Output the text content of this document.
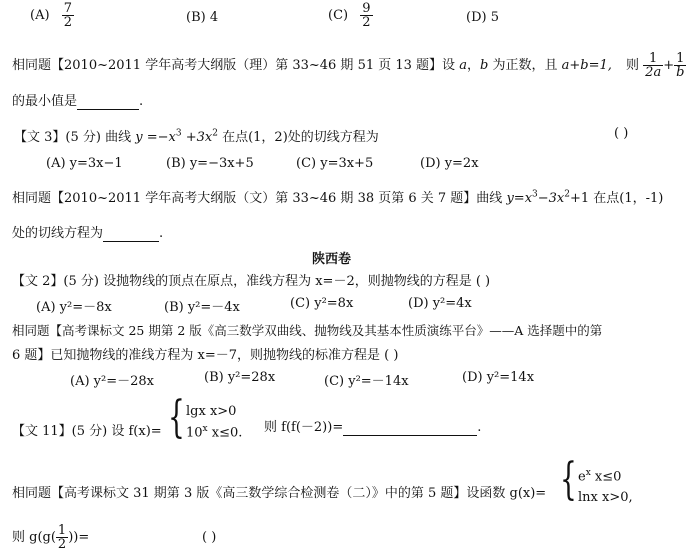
$(A) \frac{7}{2}$	(B) 4	$(C) \frac{9}{2}$	(D) 5
相同题【2010~2011 学年高考大纲版（理）第 33~46 期 51 页 13 题】设 a，b 为正数，且 a+b=1, 则 $\frac{1}{2a} + \frac{1}{b}$
的最小值是	.
【文 3】(5 分) 曲线 $y =-x^3 +3x^2$ 在点(1，2)处的切线方程为	( )
(A) y=3x−1	(B) y=−3x+5	(C) y=3x+5	(D) y=2x
相同题【2010~2011 学年高考大纲版（文）第 33~46 期 38 页第 6 关 7 题】曲线 $y=x^3-3x^2+1$ 在点(1，-1)
处的切线方程为	.
陕西卷
【文 2】(5 分) 设抛物线的顶点在原点，准线方程为 x=－2，则抛物线的方程是 ( )
(A) y²=－8x	(B) y²=－4x	(C) y²=8x	(D) y²=4x
相同题【高考课标文 25 期第 2 版《高三数学双曲线、抛物线及其基本性质演练平台》——A 选择题中的第
6 题】已知抛物线的准线方程为 x=－7，则抛物线的标准方程是 ( )
(A) y²=－28x	(B) y²=28x	(C) y²=－14x	(D) y²=14x
【文 11】(5 分) 设 f(x)= { lgx x>0
10$^x$ x≤0. 则 f(f(－2))=	.
相同题【高考课标文 31 期第 3 版《高三数学综合检测卷（二）》中的第 5 题】设函数 g(x)= { $e^x$ x≤0
lnx x>0,
则 $g(g( \frac{1}{2}$ ))=	( )
